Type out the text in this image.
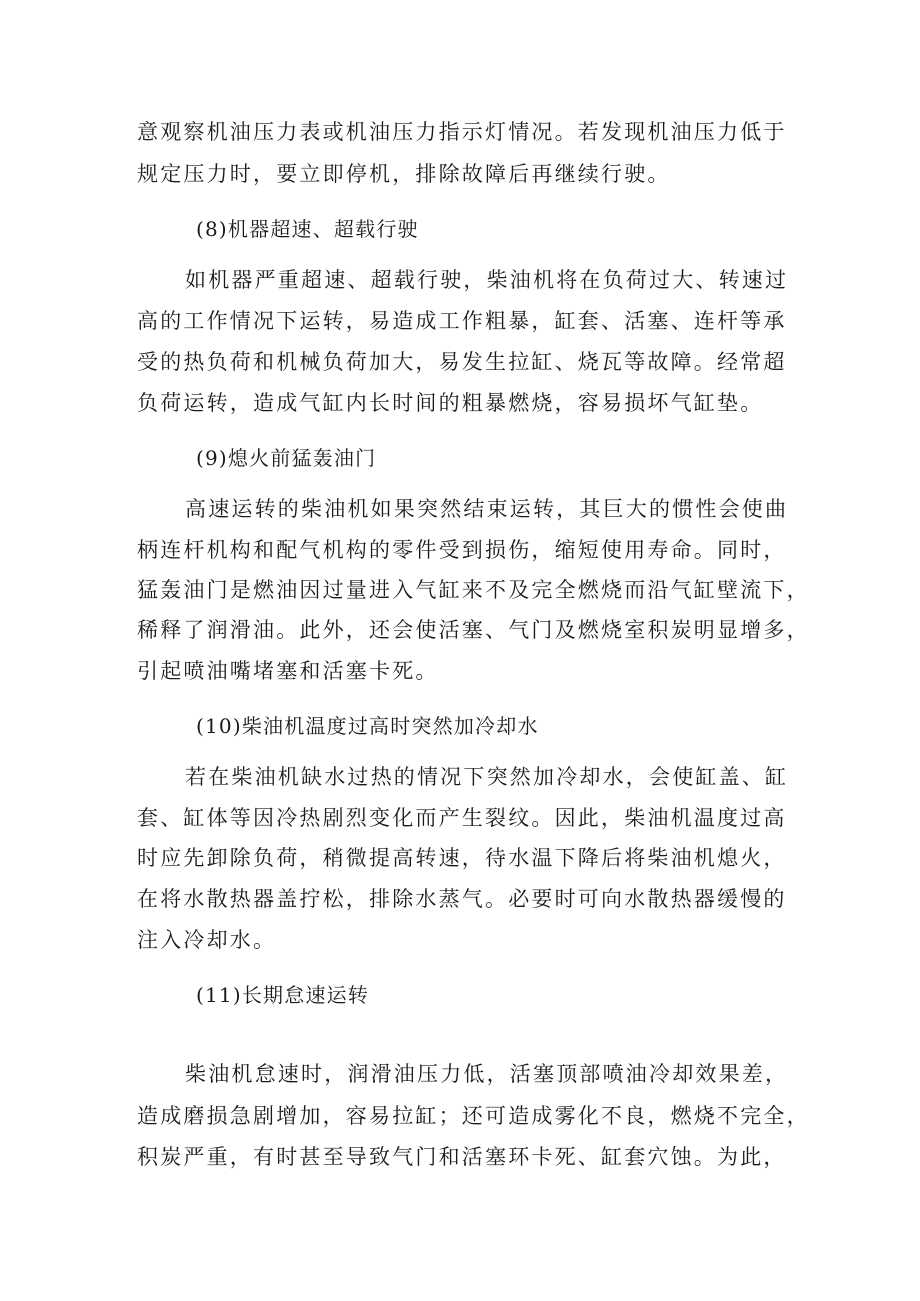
意观察机油压力表或机油压力指示灯情况。若发现机油压力低于
规定压力时，要立即停机，排除故障后再继续行驶。
(8)机器超速、超载行驶
如机器严重超速、超载行驶，柴油机将在负荷过大、转速过
高的工作情况下运转，易造成工作粗暴，缸套、活塞、连杆等承
受的热负荷和机械负荷加大，易发生拉缸、烧瓦等故障。经常超
负荷运转，造成气缸内长时间的粗暴燃烧，容易损坏气缸垫。
(9)熄火前猛轰油门
高速运转的柴油机如果突然结束运转，其巨大的惯性会使曲
柄连杆机构和配气机构的零件受到损伤，缩短使用寿命。同时，
猛轰油门是燃油因过量进入气缸来不及完全燃烧而沿气缸壁流下，
稀释了润滑油。此外，还会使活塞、气门及燃烧室积炭明显增多，
引起喷油嘴堵塞和活塞卡死。
(10)柴油机温度过高时突然加冷却水
若在柴油机缺水过热的情况下突然加冷却水，会使缸盖、缸
套、缸体等因冷热剧烈变化而产生裂纹。因此，柴油机温度过高
时应先卸除负荷，稍微提高转速，待水温下降后将柴油机熄火，
在将水散热器盖拧松，排除水蒸气。必要时可向水散热器缓慢的
注入冷却水。
(11)长期怠速运转
柴油机怠速时，润滑油压力低，活塞顶部喷油冷却效果差，
造成磨损急剧增加，容易拉缸；还可造成雾化不良，燃烧不完全，
积炭严重，有时甚至导致气门和活塞环卡死、缸套穴蚀。为此，
